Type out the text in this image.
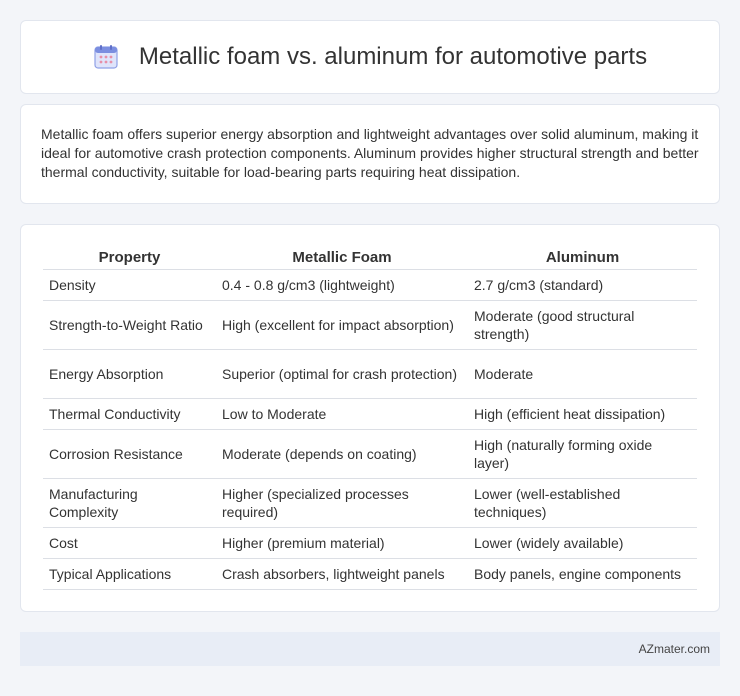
Metallic foam vs. aluminum for automotive parts

Metallic foam offers superior energy absorption and lightweight advantages over solid aluminum, making it ideal for automotive crash protection components. Aluminum provides higher structural strength and better thermal conductivity, suitable for load-bearing parts requiring heat dissipation.

Property	Metallic Foam	Aluminum
Density	0.4 - 0.8 g/cm3 (lightweight)	2.7 g/cm3 (standard)
Strength-to-Weight Ratio	High (excellent for impact absorption)	Moderate (good structural strength)
Energy Absorption	Superior (optimal for crash protection)	Moderate
Thermal Conductivity	Low to Moderate	High (efficient heat dissipation)
Corrosion Resistance	Moderate (depends on coating)	High (naturally forming oxide layer)
Manufacturing Complexity	Higher (specialized processes required)	Lower (well-established techniques)
Cost	Higher (premium material)	Lower (widely available)
Typical Applications	Crash absorbers, lightweight panels	Body panels, engine components
AZmater.com
